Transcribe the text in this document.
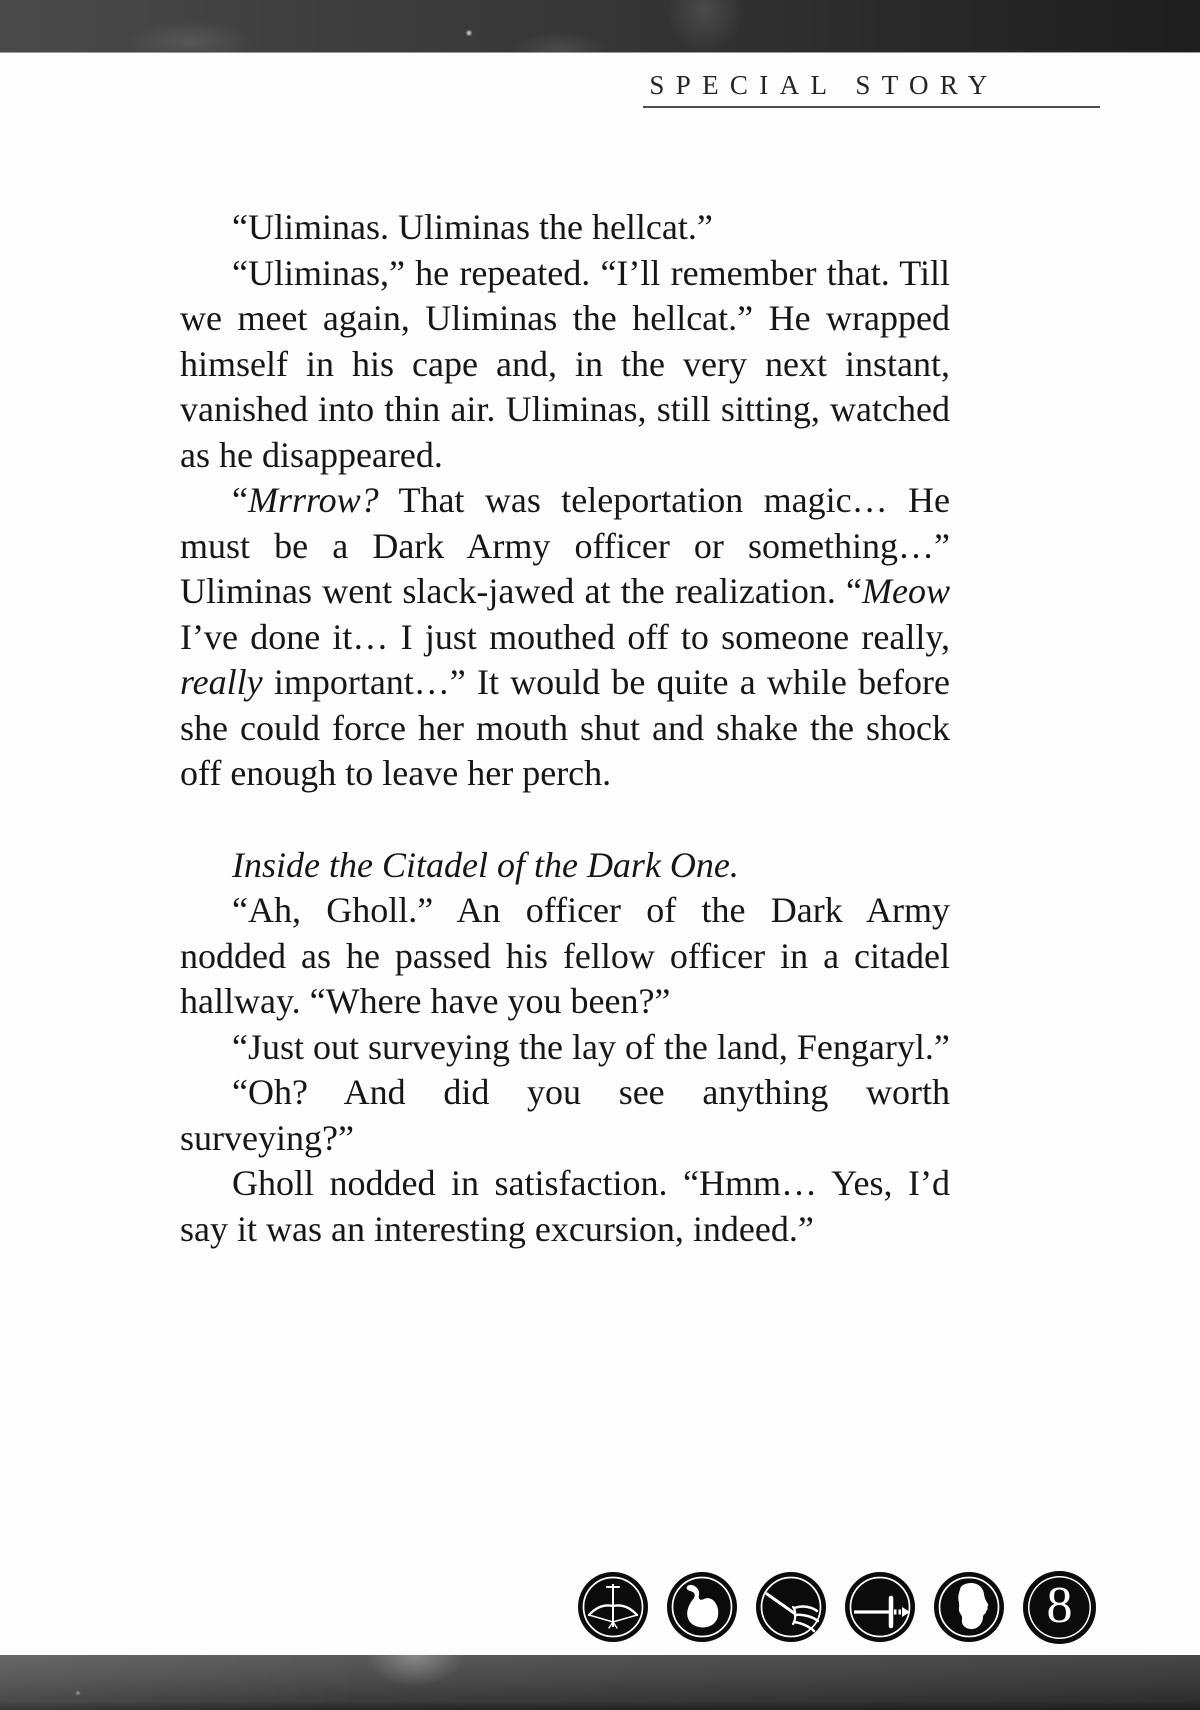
SPECIAL STORY

“Uliminas. Uliminas the hellcat.”

“Uliminas,” he repeated. “I’ll remember that. Till we meet again, Uliminas the hellcat.” He wrapped himself in his cape and, in the very next instant, vanished into thin air. Uliminas, still sitting, watched as he disappeared.

“Mrrrow? That was teleportation magic… He must be a Dark Army officer or something…” Uliminas went slack-jawed at the realization. “Meow I’ve done it… I just mouthed off to someone really, really important…” It would be quite a while before she could force her mouth shut and shake the shock off enough to leave her perch.

Inside the Citadel of the Dark One.

“Ah, Gholl.” An officer of the Dark Army nodded as he passed his fellow officer in a citadel hallway. “Where have you been?”

“Just out surveying the lay of the land, Fengaryl.”

“Oh? And did you see anything worth surveying?”

Gholl nodded in satisfaction. “Hmm… Yes, I’d say it was an interesting excursion, indeed.”

8
